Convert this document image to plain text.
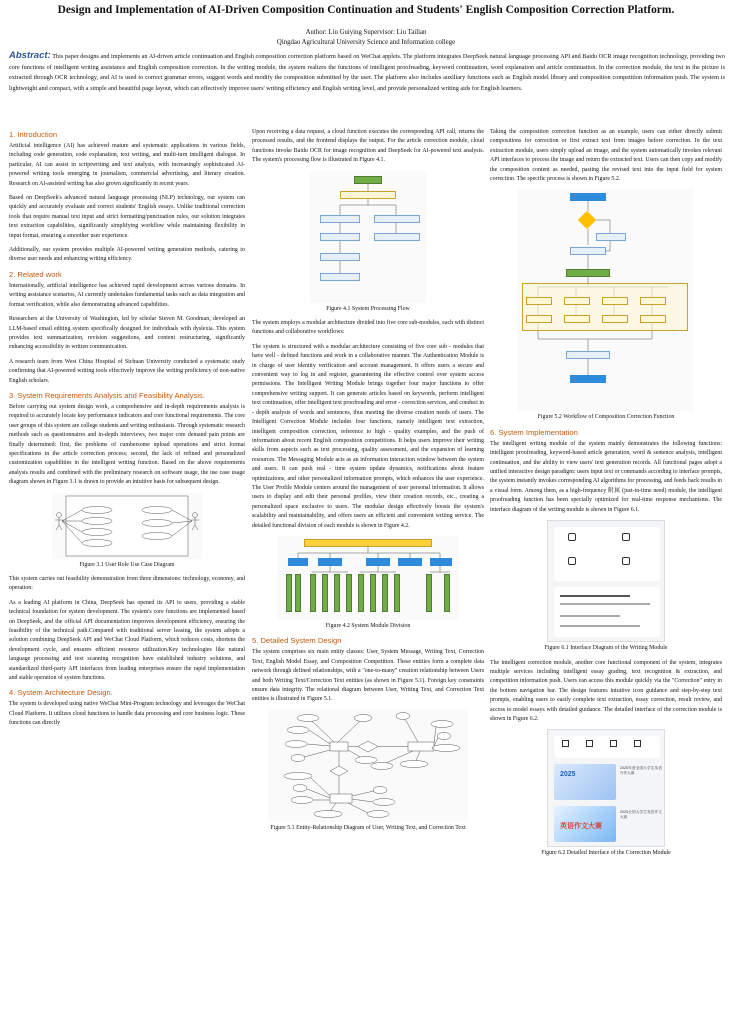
Design and Implementation of AI-Driven Composition Continuation and Students' English Composition Correction Platform.
Author: Liu Guiying Supervisor: Liu Tailian
Qingdao Agricultural University Science and Information college
Abstract: This paper designs and implements an AI-driven article continuation and English composition correction platform based on WeChat applets. The platform integrates DeepSeek natural language processing API and Baidu OCR image recognition technology, providing two core functions of intelligent writing assistance and English composition correction. In the writing module, the system realizes the functions of intelligent proofreading, keyword continuation, word explanation and article continuation. In the correction module, the text in the picture is extracted through OCR technology, and AI is used to correct grammar errors, suggest words and modify the composition submitted by the user. The platform also includes auxiliary functions such as English model library and composition competition information push. The system is lightweight and compact, with a simple and beautiful page layout, which can effectively improve users' writing efficiency and English writing level, and provide personalized writing aids for English learners.
1. Introduction

Artificial intelligence (AI) has achieved mature and systematic applications in various fields, including code generation, code explanation, text writing, and multi-turn intelligent dialogue. In particular, AI can assist in scriptwriting and text analysis, with increasingly sophisticated AI-powered writing tools emerging in journalism, commercial advertising, and literary creation. Research on AI-assisted writing has also grown significantly in recent years.

Based on DeepSeek's advanced natural language processing (NLP) technology, our system can quickly and accurately evaluate and correct students' English essays. Unlike traditional correction tools that require manual text input and strict formatting/punctuation rules, our solution integrates text extraction capabilities, significantly simplifying workflow while maintaining flexibility in input format, ensuring a smoother user experience.

Additionally, our system provides multiple AI-powered writing generation methods, catering to diverse user needs and enhancing writing efficiency.

2. Related work

Internationally, artificial intelligence has achieved rapid development across various domains. In writing assistance scenarios, AI currently undertakes fundamental tasks such as data integration and format verification, while also demonstrating advanced capabilities.

Researchers at the University of Washington, led by scholar Steven M. Goodman, developed an LLM-based email editing system specifically designed for individuals with dyslexia. This system provides text summarization, revision suggestions, and content restructuring, significantly enhancing accessibility in written communication.

A research team from West China Hospital of Sichuan University conducted a systematic study confirming that AI-powered writing tools effectively improve the writing proficiency of non-native English scholars.

3. System Requirements Analysis and Feasibility Analysis.

Before carrying out system design work, a comprehensive and in-depth requirements analysis is required to accurately locate key performance indicators and core functional requirements. The core user groups of this system are college students and writing enthusiasts. Through systematic research methods such as questionnaires and in-depth interviews, two major core demand pain points are finally determined: first, the problems of cumbersome upload operations and strict format specifications in the article correction process; second, the lack of refined and personalized customization capabilities in the intelligent writing function. Based on the above requirements analysis results and combined with the preliminary research on software usage, the use case usage diagram shown in Figure 3.1 is drawn to provide an intuitive basis for subsequent design.

Figure 3.1 User Role Use Case Diagram

This system carries out feasibility demonstration from three dimensions: technology, economy, and operation:

As a leading AI platform in China, DeepSeek has opened its API to users, providing a stable technical foundation for system development. The system's core functions are implemented based on DeepSeek, and the official API documentation improves development efficiency, ensuring the feasibility of the technical path.Compared with traditional server leasing, the system adopts a solution combining DeepSeek API and WeChat Cloud Platform, which reduces costs, shortens the development cycle, and ensures efficient resource utilization.Key technologies like natural language processing and text scanning recognition have established industry solutions, and standardized third-party API interfaces from leading enterprises ensure the rapid implementation and stable operation of system functions.

4. System Architecture Design.

The system is developed using native WeChat Mini-Program technology and leverages the WeChat Cloud Platform. It utilizes cloud functions to handle data processing and core business logic. These functions can directly

Upon receiving a data request, a cloud function executes the corresponding API call, returns the processed results, and the frontend displays the output. For the article correction module, cloud functions invoke Baidu OCR for image recognition and DeepSeek for AI-powered text analysis. The system's processing flow is illustrated in Figure 4.1.

Figure 4.1 System Processing Flow

The system employs a modular architecture divided into five core sub-modules, each with distinct functions and collaborative workflows:

The system is structured with a modular architecture consisting of five core sub - modules that have well - defined functions and work in a collaborative manner. The Authentication Module is in charge of user identity verification and account management. It offers users a secure and convenient way to log in and register, guaranteeing the effective control over system access permissions. The Intelligent Writing Module brings together four major functions to offer comprehensive writing support. It can generate articles based on keywords, perform intelligent text continuation, offer intelligent text proofreading and error - correction services, and conduct in - depth analysis of words and sentences, thus meeting the diverse creation needs of users. The Intelligent Correction Module includes four functions, namely intelligent text extraction, intelligent composition correction, reference to high - quality examples, and the push of information about recent English composition competitions. It helps users improve their writing skills from aspects such as text processing, quality assessment, and the expansion of learning resources. The Messaging Module acts as an information interaction window between the system and users. It can push real - time system update dynamics, notifications about feature optimizations, and other personalized information prompts, which enhances the user experience. The User Profile Module centers around the management of user personal information. It allows users to display and edit their personal profiles, view their creation records, etc., creating a personalized space exclusive to users. The modular design effectively boosts the system's scalability and maintainability, and offers users an efficient and convenient writing service. The detailed functional division of each module is shown in Figure 4.2.

Figure 4.2 System Module Division
5. Detailed System Design

The system comprises six main entity classes: User, System Message, Writing Text, Correction Text, English Model Essay, and Composition Competition. These entities form a complete data network through defined relationships, with a "one-to-many" creation relationship between Users and both Writing Text/Correction Text entities (as shown in Figure 5.1). Foreign key constraints ensure data integrity. The relational diagram between User, Writing Text, and Correction Text entities is illustrated in Figure 5.1.

Figure 5.1 Entity-Relationship Diagram of User, Writing Text, and Correction Text

Taking the composition correction function as an example, users can either directly submit compositions for correction or first extract text from images before correction. In the text extraction module, users simply upload an image, and the system automatically invokes relevant API interfaces to process the image and return the extracted text. Users can then copy and modify the composition content as needed, pasting the revised text into the input field for system correction. The specific process is shown in Figure 5.2.

Figure 5.2 Workflow of Composition Correction Function
6. System Implementation

The intelligent writing module of the system mainly demonstrates the following functions: intelligent proofreading, keyword-based article generation, word & sentence analysis, intelligent continuation, and the ability to view users' text generation records. All functional pages adopt a unified interactive design paradigm: users input text or commands according to interface prompts, the system instantly invokes corresponding AI algorithms for processing, and feeds back results in a visual form. Among them, as a high-frequency 附属 (just-in-time need) module, the intelligent proofreading function has been specially optimized for real-time response mechanisms. The interface diagram of the writing module is shown in Figure 6.1.

Figure 6.1 Interface Diagram of the Writing Module

The intelligent correction module, another core functional component of the system, integrates multiple services including intelligent essay grading, text recognition & extraction, and competition information push. Users can access this module quickly via the "Correction" entry in the bottom navigation bar. The design features intuitive icon guidance and step-by-step text prompts, enabling users to easily complete text extraction, essay correction, result review, and access to model essays with detailed guidance. The detailed interface of the correction module is shown in Figure 6.2.

2025
2025年度全国大学生英语写作大赛
英语作文大赛
2025全国大学生英语作文大赛
Figure 6.2 Detailed Interface of the Correction Module
